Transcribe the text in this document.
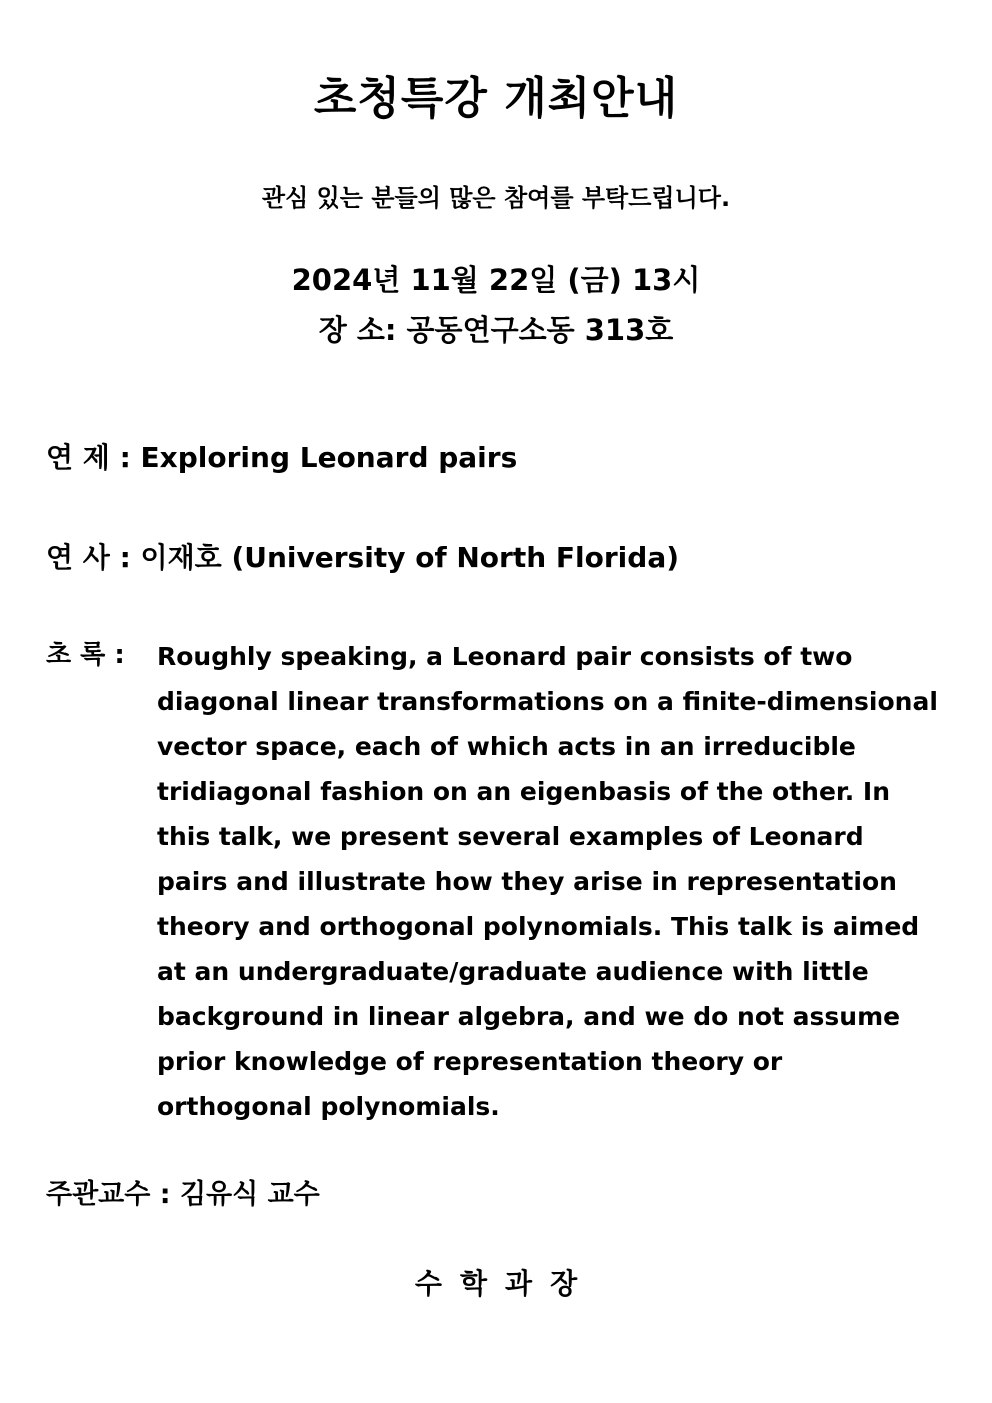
초청특강 개최안내
관심 있는 분들의 많은 참여를 부탁드립니다.
2024년 11월 22일 (금) 13시
장 소: 공동연구소동 313호
연 제 : Exploring Leonard pairs
연 사 : 이재호 (University of North Florida)
초 록 : Roughly speaking, a Leonard pair consists of two
diagonal linear transformations on a finite-dimensional
vector space, each of which acts in an irreducible
tridiagonal fashion on an eigenbasis of the other. In
this talk, we present several examples of Leonard
pairs and illustrate how they arise in representation
theory and orthogonal polynomials. This talk is aimed
at an undergraduate/graduate audience with little
background in linear algebra, and we do not assume
prior knowledge of representation theory or
orthogonal polynomials.
주관교수 : 김유식 교수
수 학 과 장
